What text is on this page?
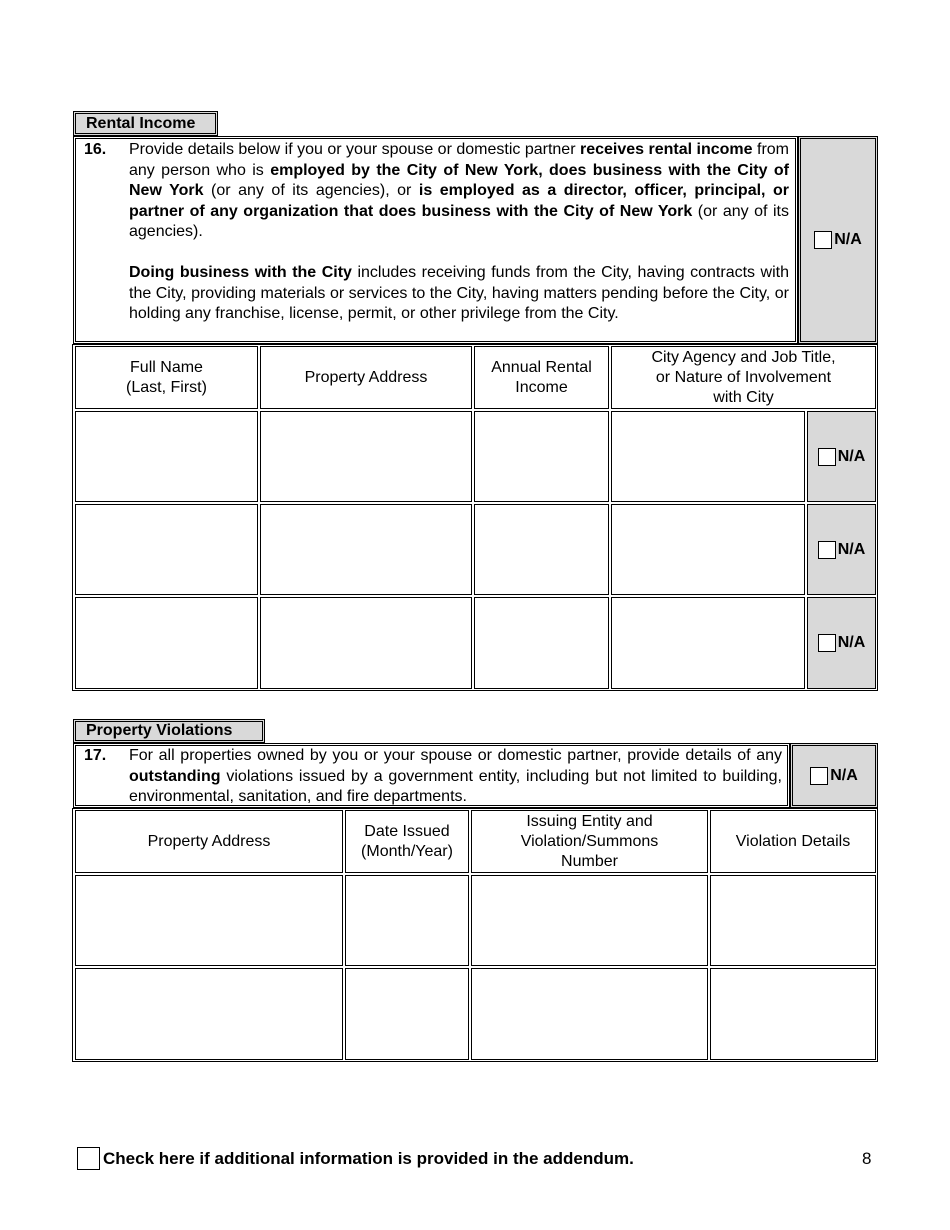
Rental Income
16. Provide details below if you or your spouse or domestic partner receives rental income from any person who is employed by the City of New York, does business with the City of New York (or any of its agencies), or is employed as a director, officer, principal, or partner of any organization that does business with the City of New York (or any of its agencies).
Doing business with the City includes receiving funds from the City, having contracts with the City, providing materials or services to the City, having matters pending before the City, or holding any franchise, license, permit, or other privilege from the City.
N/A
Full Name
(Last, First)
Property Address
Annual Rental
Income
City Agency and Job Title,
or Nature of Involvement
with City
N/A
N/A
N/A
Property Violations
17. For all properties owned by you or your spouse or domestic partner, provide details of any outstanding violations issued by a government entity, including but not limited to building, environmental, sanitation, and fire departments.
N/A
Property Address
Date Issued
(Month/Year)
Issuing Entity and
Violation/Summons
Number
Violation Details
Check here if additional information is provided in the addendum.	8
